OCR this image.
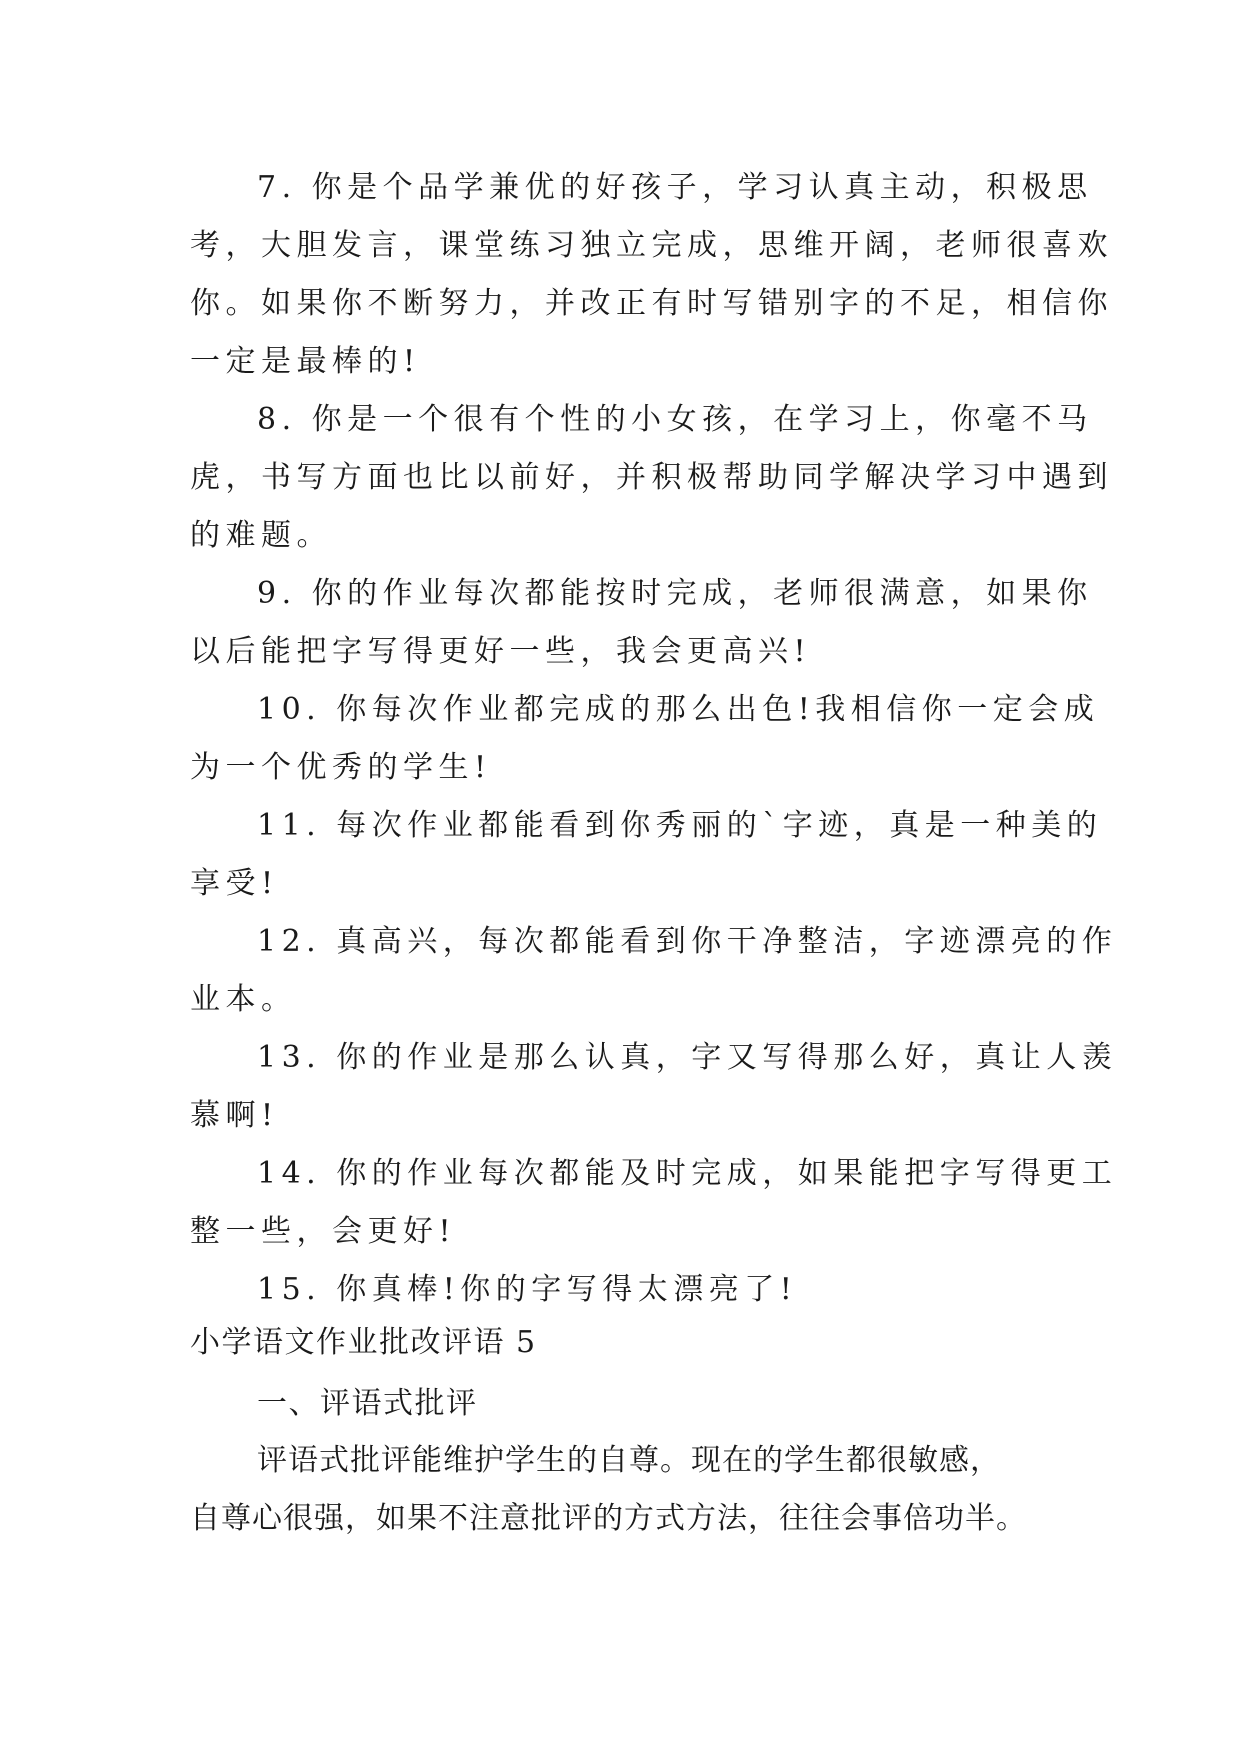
7. 你是个品学兼优的好孩子，学习认真主动，积极思
考，大胆发言，课堂练习独立完成，思维开阔，老师很喜欢
你。如果你不断努力，并改正有时写错别字的不足，相信你
一定是最棒的!
8. 你是一个很有个性的小女孩，在学习上，你毫不马
虎，书写方面也比以前好，并积极帮助同学解决学习中遇到
的难题。
9. 你的作业每次都能按时完成，老师很满意，如果你
以后能把字写得更好一些，我会更高兴!
10. 你每次作业都完成的那么出色!我相信你一定会成
为一个优秀的学生!
11. 每次作业都能看到你秀丽的`字迹，真是一种美的
享受!
12. 真高兴，每次都能看到你干净整洁，字迹漂亮的作
业本。
13. 你的作业是那么认真，字又写得那么好，真让人羡
慕啊!
14. 你的作业每次都能及时完成，如果能把字写得更工
整一些，会更好!
15. 你真棒!你的字写得太漂亮了!
小学语文作业批改评语 5
一、评语式批评
评语式批评能维护学生的自尊。现在的学生都很敏感，
自尊心很强，如果不注意批评的方式方法，往往会事倍功半。
